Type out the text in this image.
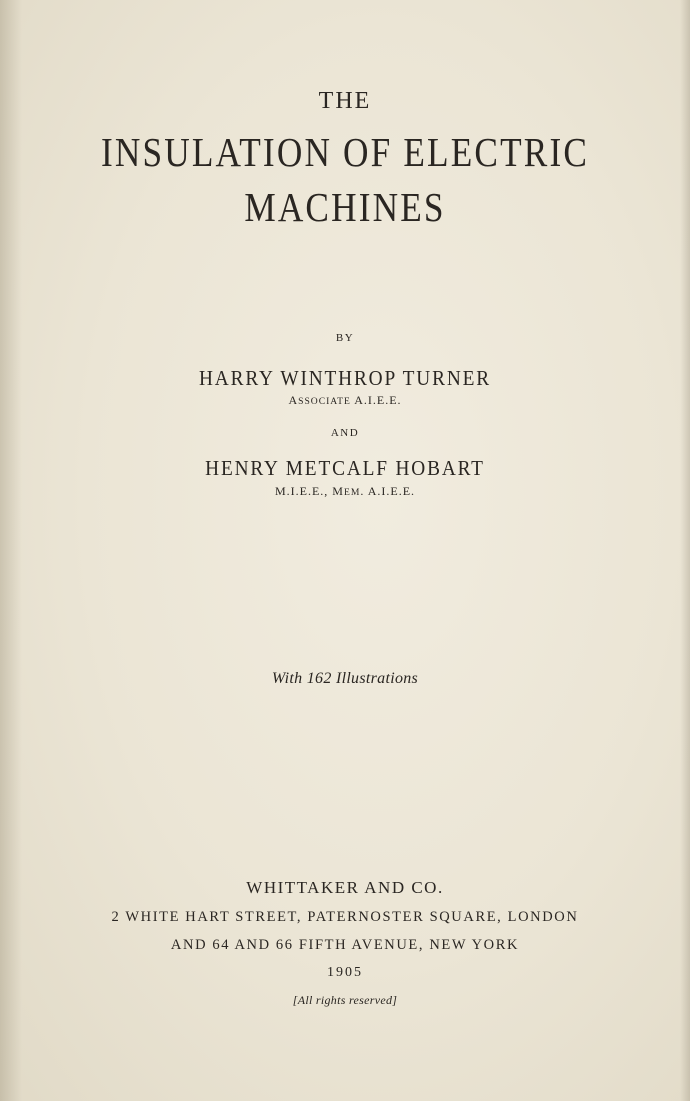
THE
INSULATION OF ELECTRIC
MACHINES
BY
HARRY WINTHROP TURNER
ASSOCIATE A.I.E.E.
AND
HENRY METCALF HOBART
M.I.E.E., MEM. A.I.E.E.
With 162 Illustrations
WHITTAKER AND CO.
2 WHITE HART STREET, PATERNOSTER SQUARE, LONDON
AND 64 AND 66 FIFTH AVENUE, NEW YORK
1905
[All rights reserved]
